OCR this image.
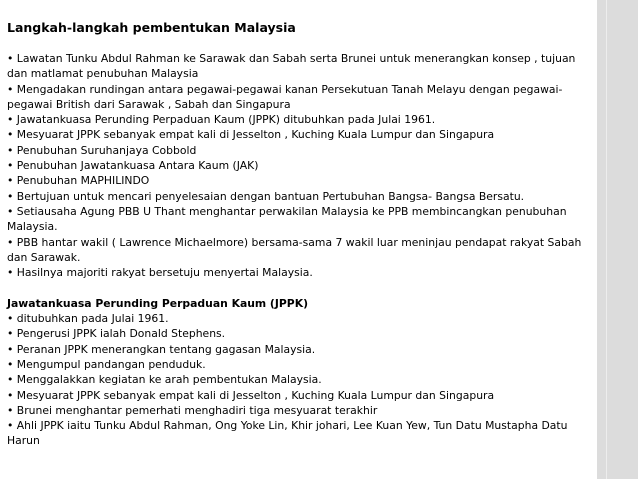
Langkah-langkah pembentukan Malaysia
• Lawatan Tunku Abdul Rahman ke Sarawak dan Sabah serta Brunei untuk menerangkan konsep , tujuan dan matlamat penubuhan Malaysia
• Mengadakan rundingan antara pegawai-pegawai kanan Persekutuan Tanah Melayu dengan pegawai-pegawai British dari Sarawak , Sabah dan Singapura
• Jawatankuasa Perunding Perpaduan Kaum (JPPK) ditubuhkan pada Julai 1961.
• Mesyuarat JPPK sebanyak empat kali di Jesselton , Kuching Kuala Lumpur dan Singapura
• Penubuhan Suruhanjaya Cobbold
• Penubuhan Jawatankuasa Antara Kaum (JAK)
• Penubuhan MAPHILINDO
• Bertujuan untuk mencari penyelesaian dengan bantuan Pertubuhan Bangsa- Bangsa Bersatu.
• Setiausaha Agung PBB U Thant menghantar perwakilan Malaysia ke PPB membincangkan penubuhan Malaysia.
• PBB hantar wakil ( Lawrence Michaelmore) bersama-sama 7 wakil luar meninjau pendapat rakyat Sabah dan Sarawak.
• Hasilnya majoriti rakyat bersetuju menyertai Malaysia.
Jawatankuasa Perunding Perpaduan Kaum (JPPK)
• ditubuhkan pada Julai 1961.
• Pengerusi JPPK ialah Donald Stephens.
• Peranan JPPK menerangkan tentang gagasan Malaysia.
• Mengumpul pandangan penduduk.
• Menggalakkan kegiatan ke arah pembentukan Malaysia.
• Mesyuarat JPPK sebanyak empat kali di Jesselton , Kuching Kuala Lumpur dan Singapura
• Brunei menghantar pemerhati menghadiri tiga mesyuarat terakhir
• Ahli JPPK iaitu Tunku Abdul Rahman, Ong Yoke Lin, Khir johari, Lee Kuan Yew, Tun Datu Mustapha Datu Harun
